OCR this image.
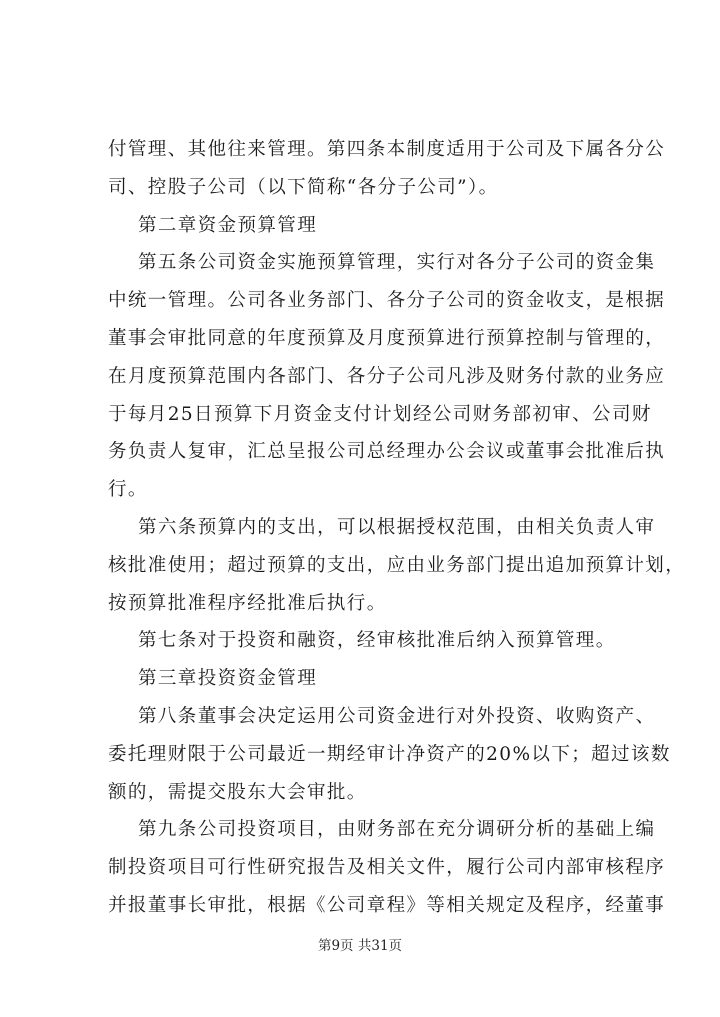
付管理、其他往来管理。第四条本制度适用于公司及下属各分公
司、控股子公司（以下简称“各分子公司”）。
第二章资金预算管理
第五条公司资金实施预算管理，实行对各分子公司的资金集
中统一管理。公司各业务部门、各分子公司的资金收支，是根据
董事会审批同意的年度预算及月度预算进行预算控制与管理的，
在月度预算范围内各部门、各分子公司凡涉及财务付款的业务应
于每月25日预算下月资金支付计划经公司财务部初审、公司财
务负责人复审，汇总呈报公司总经理办公会议或董事会批准后执
行。
第六条预算内的支出，可以根据授权范围，由相关负责人审
核批准使用；超过预算的支出，应由业务部门提出追加预算计划，
按预算批准程序经批准后执行。
第七条对于投资和融资，经审核批准后纳入预算管理。
第三章投资资金管理
第八条董事会决定运用公司资金进行对外投资、收购资产、
委托理财限于公司最近一期经审计净资产的20%以下；超过该数
额的，需提交股东大会审批。
第九条公司投资项目，由财务部在充分调研分析的基础上编
制投资项目可行性研究报告及相关文件，履行公司内部审核程序
并报董事长审批，根据《公司章程》等相关规定及程序，经董事
第9页 共31页
